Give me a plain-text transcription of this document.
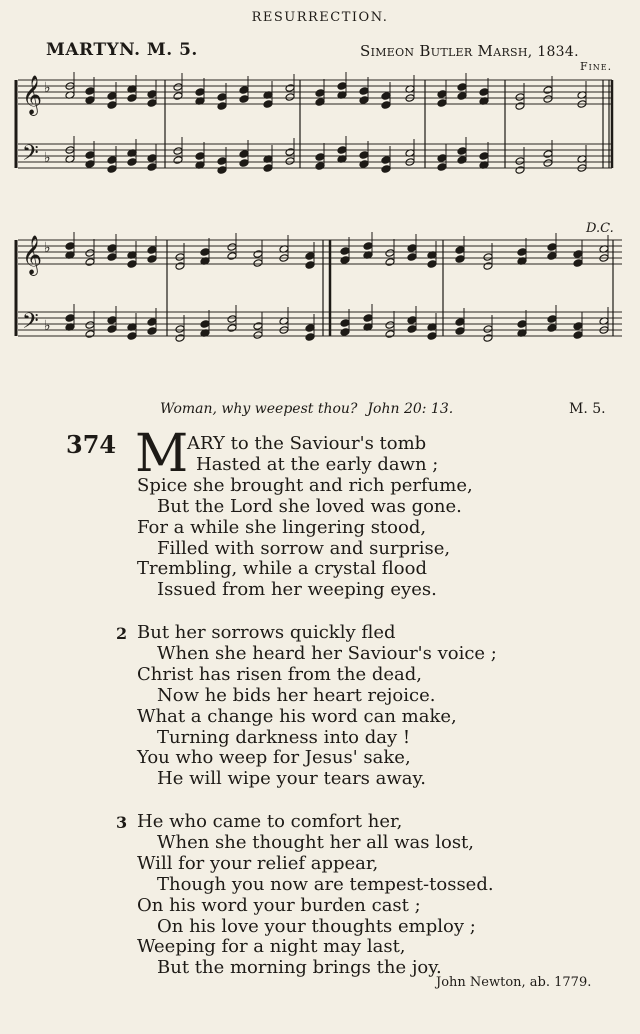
RESURRECTION.
MARTYN. M. 5.	Simeon Butler Marsh, 1834.
Fine.
D.C.
𝄞 ♭
𝄢 ♭
𝄞 ♭
𝄢 ♭
Woman, why weepest thou? John 20: 13.	M. 5.
374 M
ARY to the Saviour's tomb
Hasted at the early dawn ;
Spice she brought and rich perfume,
But the Lord she loved was gone.
For a while she lingering stood,
Filled with sorrow and surprise,
Trembling, while a crystal flood
Issued from her weeping eyes.
But her sorrows quickly fled
When she heard her Saviour's voice ;
Christ has risen from the dead,
Now he bids her heart rejoice.
What a change his word can make,
Turning darkness into day !
You who weep for Jesus' sake,
He will wipe your tears away.
2
He who came to comfort her,
When she thought her all was lost,
Will for your relief appear,
Though you now are tempest-tossed.
On his word your burden cast ;
On his love your thoughts employ ;
Weeping for a night may last,
But the morning brings the joy.
3
John Newton, ab. 1779.
